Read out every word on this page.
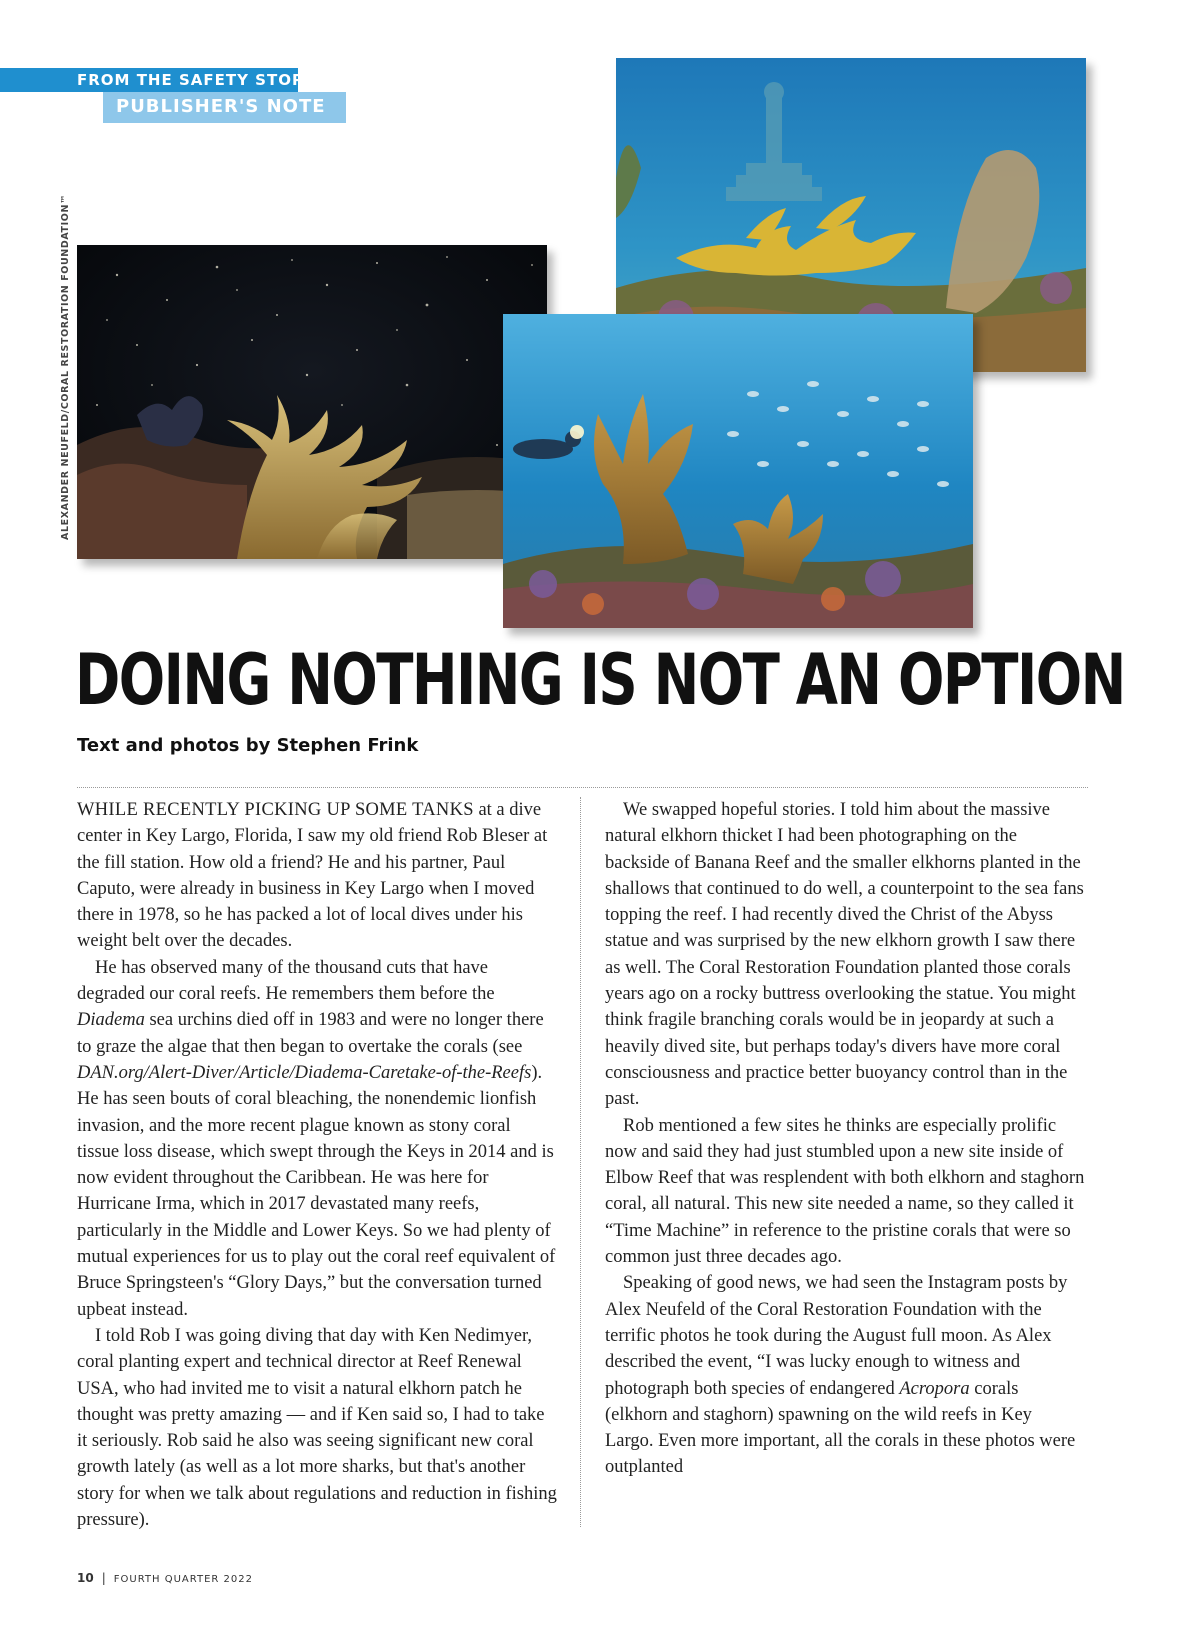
FROM THE SAFETY STOP
PUBLISHER'S NOTE
ALEXANDER NEUFELD/CORAL RESTORATION FOUNDATION™
DOING NOTHING IS NOT AN OPTION
Text and photos by Stephen Frink

WHILE RECENTLY PICKING UP SOME TANKS at a dive center in Key Largo, Florida, I saw my old friend Rob Bleser at the fill station. How old a friend? He and his partner, Paul Caputo, were already in business in Key Largo when I moved there in 1978, so he has packed a lot of local dives under his weight belt over the decades.

He has observed many of the thousand cuts that have degraded our coral reefs. He remembers them before the Diadema sea urchins died off in 1983 and were no longer there to graze the algae that then began to overtake the corals (see DAN.org/Alert-Diver/Article/Diadema-Caretake-of-the-Reefs). He has seen bouts of coral bleaching, the nonendemic lionfish invasion, and the more recent plague known as stony coral tissue loss disease, which swept through the Keys in 2014 and is now evident throughout the Caribbean. He was here for Hurricane Irma, which in 2017 devastated many reefs, particularly in the Middle and Lower Keys. So we had plenty of mutual experiences for us to play out the coral reef equivalent of Bruce Springsteen's “Glory Days,” but the conversation turned upbeat instead.

I told Rob I was going diving that day with Ken Nedimyer, coral planting expert and technical director at Reef Renewal USA, who had invited me to visit a natural elkhorn patch he thought was pretty amazing — and if Ken said so, I had to take it seriously. Rob said he also was seeing significant new coral growth lately (as well as a lot more sharks, but that's another story for when we talk about regulations and reduction in fishing pressure).

We swapped hopeful stories. I told him about the massive natural elkhorn thicket I had been photographing on the backside of Banana Reef and the smaller elkhorns planted in the shallows that continued to do well, a counterpoint to the sea fans topping the reef. I had recently dived the Christ of the Abyss statue and was surprised by the new elkhorn growth I saw there as well. The Coral Restoration Foundation planted those corals years ago on a rocky buttress overlooking the statue. You might think fragile branching corals would be in jeopardy at such a heavily dived site, but perhaps today's divers have more coral consciousness and practice better buoyancy control than in the past.

Rob mentioned a few sites he thinks are especially prolific now and said they had just stumbled upon a new site inside of Elbow Reef that was resplendent with both elkhorn and staghorn coral, all natural. This new site needed a name, so they called it “Time Machine” in reference to the pristine corals that were so common just three decades ago.

Speaking of good news, we had seen the Instagram posts by Alex Neufeld of the Coral Restoration Foundation with the terrific photos he took during the August full moon. As Alex described the event, “I was lucky enough to witness and photograph both species of endangered Acropora corals (elkhorn and staghorn) spawning on the wild reefs in Key Largo. Even more important, all the corals in these photos were outplanted

10 | FOURTH QUARTER 2022
